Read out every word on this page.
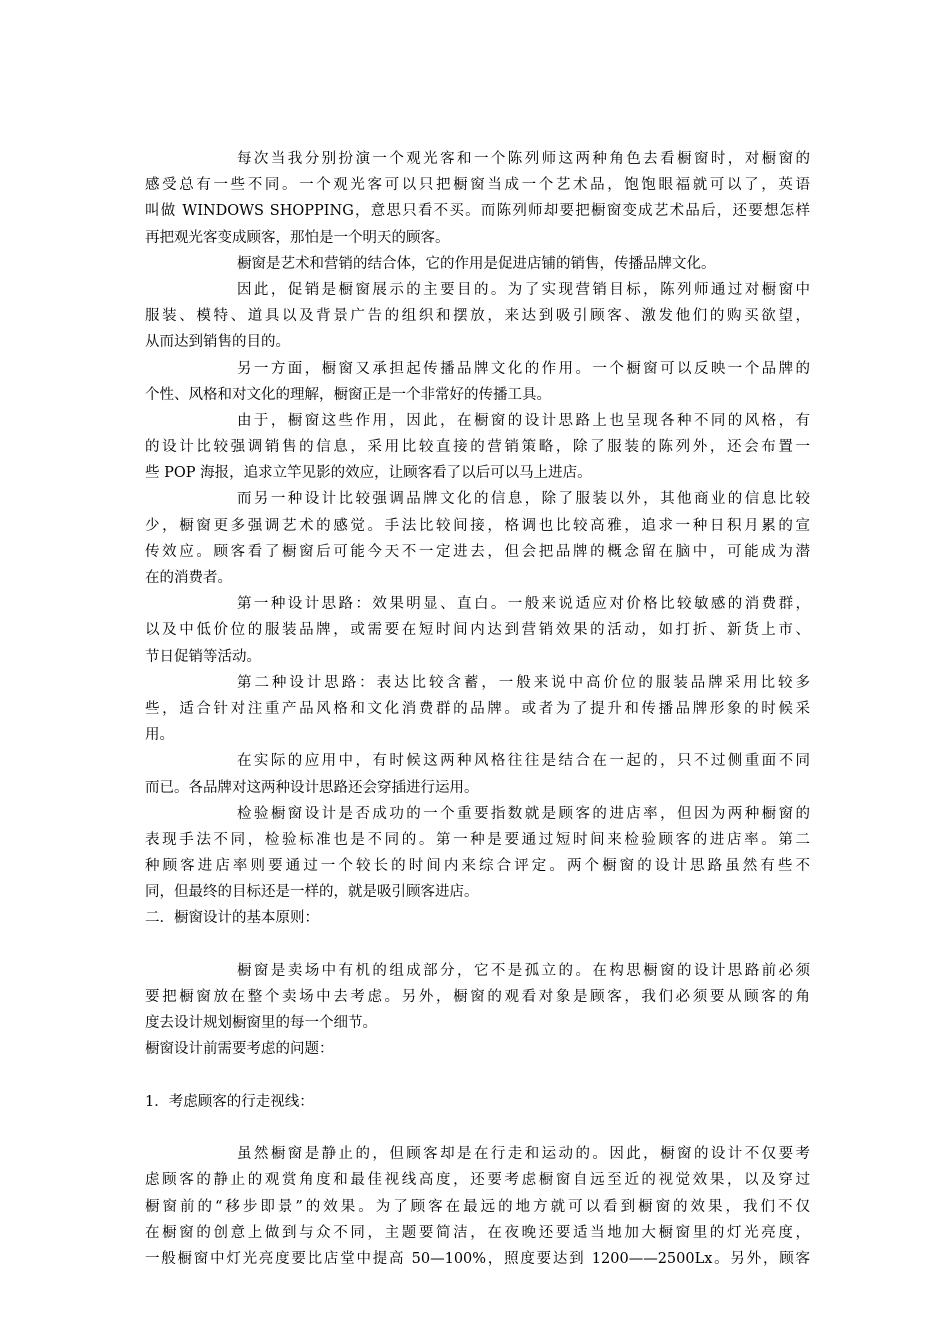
每次当我分别扮演一个观光客和一个陈列师这两种角色去看橱窗时，对橱窗的
感受总有一些不同。一个观光客可以只把橱窗当成一个艺术品，饱饱眼福就可以了，英语
叫做 WINDOWS SHOPPING，意思只看不买。而陈列师却要把橱窗变成艺术品后，还要想怎样
再把观光客变成顾客，那怕是一个明天的顾客。
橱窗是艺术和营销的结合体，它的作用是促进店铺的销售，传播品牌文化。
因此，促销是橱窗展示的主要目的。为了实现营销目标，陈列师通过对橱窗中
服装、模特、道具以及背景广告的组织和摆放，来达到吸引顾客、激发他们的购买欲望，
从而达到销售的目的。
另一方面，橱窗又承担起传播品牌文化的作用。一个橱窗可以反映一个品牌的
个性、风格和对文化的理解，橱窗正是一个非常好的传播工具。
由于，橱窗这些作用，因此，在橱窗的设计思路上也呈现各种不同的风格，有
的设计比较强调销售的信息，采用比较直接的营销策略，除了服装的陈列外，还会布置一
些 POP 海报，追求立竿见影的效应，让顾客看了以后可以马上进店。
而另一种设计比较强调品牌文化的信息，除了服装以外，其他商业的信息比较
少，橱窗更多强调艺术的感觉。手法比较间接，格调也比较高雅，追求一种日积月累的宣
传效应。顾客看了橱窗后可能今天不一定进去，但会把品牌的概念留在脑中，可能成为潜
在的消费者。
第一种设计思路：效果明显、直白。一般来说适应对价格比较敏感的消费群，
以及中低价位的服装品牌，或需要在短时间内达到营销效果的活动，如打折、新货上市、
节日促销等活动。
第二种设计思路：表达比较含蓄，一般来说中高价位的服装品牌采用比较多
些，适合针对注重产品风格和文化消费群的品牌。或者为了提升和传播品牌形象的时候采
用。
在实际的应用中，有时候这两种风格往往是结合在一起的，只不过侧重面不同
而已。各品牌对这两种设计思路还会穿插进行运用。
检验橱窗设计是否成功的一个重要指数就是顾客的进店率，但因为两种橱窗的
表现手法不同，检验标准也是不同的。第一种是要通过短时间来检验顾客的进店率。第二
种顾客进店率则要通过一个较长的时间内来综合评定。两个橱窗的设计思路虽然有些不
同，但最终的目标还是一样的，就是吸引顾客进店。
二．橱窗设计的基本原则：
橱窗是卖场中有机的组成部分，它不是孤立的。在构思橱窗的设计思路前必须
要把橱窗放在整个卖场中去考虑。另外，橱窗的观看对象是顾客，我们必须要从顾客的角
度去设计规划橱窗里的每一个细节。
橱窗设计前需要考虑的问题：
1．考虑顾客的行走视线：
虽然橱窗是静止的，但顾客却是在行走和运动的。因此，橱窗的设计不仅要考
虑顾客的静止的观赏角度和最佳视线高度，还要考虑橱窗自远至近的视觉效果，以及穿过
橱窗前的“移步即景”的效果。为了顾客在最远的地方就可以看到橱窗的效果，我们不仅
在橱窗的创意上做到与众不同，主题要简洁，在夜晚还要适当地加大橱窗里的灯光亮度，
一般橱窗中灯光亮度要比店堂中提高 50—100%，照度要达到 1200——2500Lx。另外，顾客
